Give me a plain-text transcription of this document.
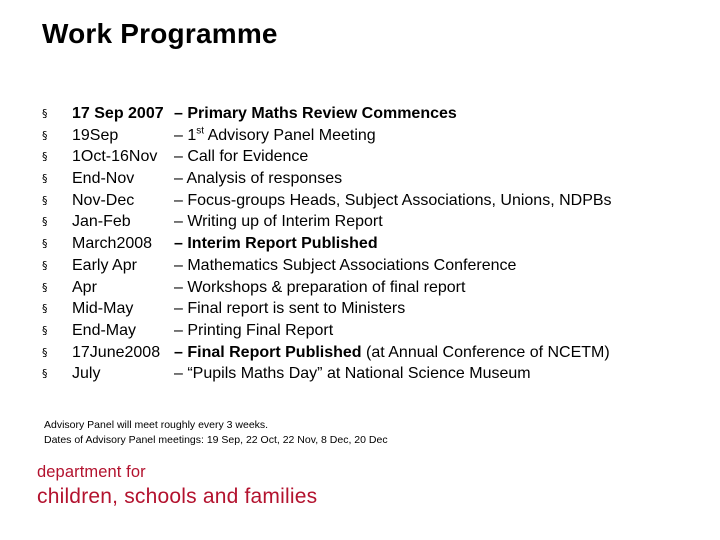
Work Programme
§ 17 Sep 2007 – Primary Maths Review Commences
§ 19Sep	– 1st Advisory Panel Meeting
§ 1Oct-16Nov – Call for Evidence
§ End-Nov – Analysis of responses
§ Nov-Dec – Focus-groups Heads, Subject Associations, Unions, NDPBs
§ Jan-Feb	– Writing up of Interim Report
§ March2008 – Interim Report Published
§ Early Apr – Mathematics Subject Associations Conference
§ Apr	– Workshops & preparation of final report
§ Mid-May	– Final report is sent to Ministers
§ End-May – Printing Final Report
§ 17June2008 – Final Report Published (at Annual Conference of NCETM)
§ July	– “Pupils Maths Day” at National Science Museum
Advisory Panel will meet roughly every 3 weeks.
Dates of Advisory Panel meetings: 19 Sep, 22 Oct, 22 Nov, 8 Dec, 20 Dec
department for
children, schools and families
